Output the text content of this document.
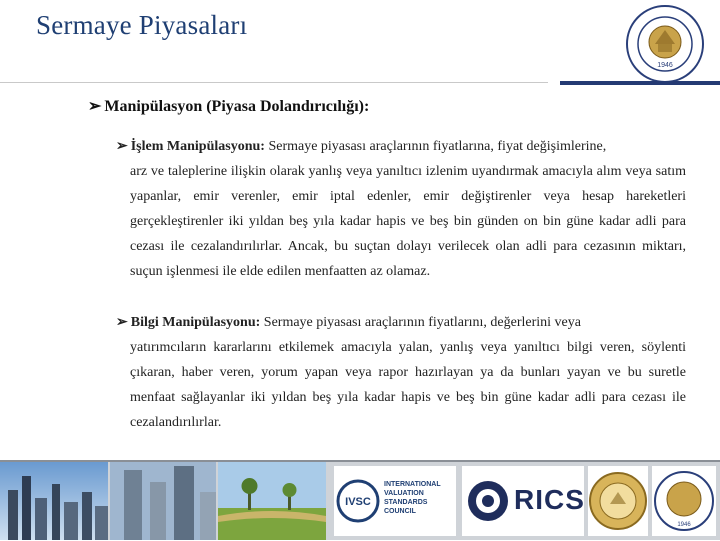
Sermaye Piyasaları
1946
➢ Manipülasyon (Piyasa Dolandırıcılığı):
➢ İşlem Manipülasyonu: Sermaye piyasası araçlarının fiyatlarına, fiyat değişimlerine,
arz ve taleplerine ilişkin olarak yanlış veya yanıltıcı izlenim uyandırmak amacıyla alım veya satım yapanlar, emir verenler, emir iptal edenler, emir değiştirenler veya hesap hareketleri gerçekleştirenler iki yıldan beş yıla kadar hapis ve beş bin günden on bin güne kadar adli para cezası ile cezalandırılırlar. Ancak, bu suçtan dolayı verilecek olan adli para cezasının miktarı, suçun işlenmesi ile elde edilen menfaatten az olamaz.
➢ Bilgi Manipülasyonu: Sermaye piyasası araçlarının fiyatlarını, değerlerini veya
yatırımcıların kararlarını etkilemek amacıyla yalan, yanlış veya yanıltıcı bilgi veren, söylenti çıkaran, haber veren, yorum yapan veya rapor hazırlayan ya da bunları yayan ve bu suretle menfaat sağlayanlar iki yıldan beş yıla kadar hapis ve beş bin güne kadar adli para cezası ile cezalandırılırlar.
IVSC
INTERNATIONAL VALUATION STANDARDS COUNCIL	RICS
1946
